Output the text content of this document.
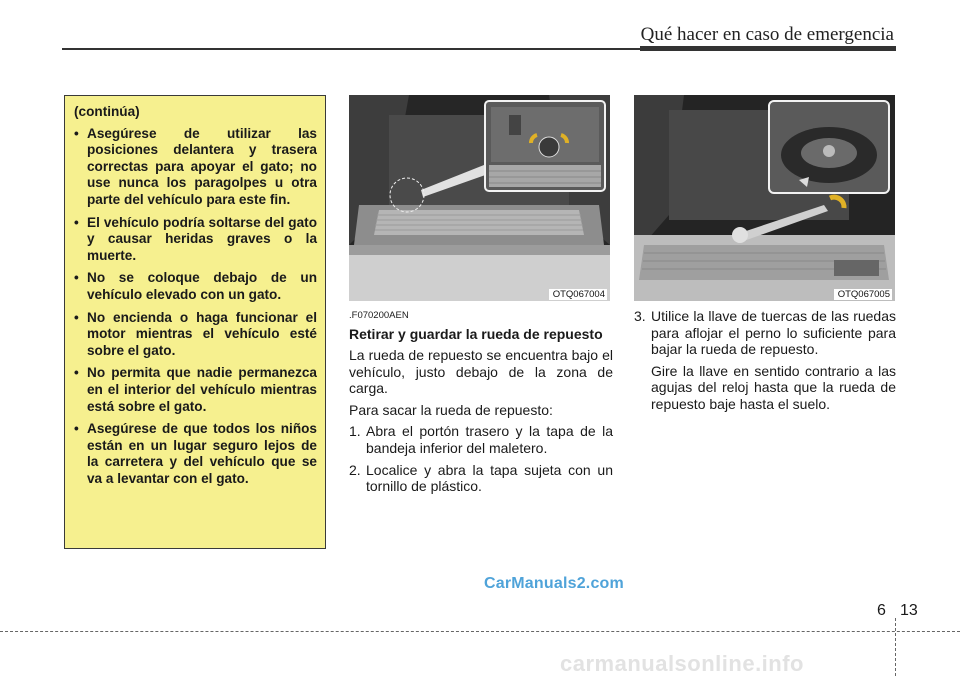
Qué hacer en caso de emergencia
(continúa)
• Asegúrese de utilizar las posiciones delantera y trasera correctas para apoyar el gato; no use nunca los paragolpes u otra parte del vehículo para este fin.
• El vehículo podría soltarse del gato y causar heridas graves o la muerte.
• No se coloque debajo de un vehículo elevado con un gato.
• No encienda o haga funcionar el motor mientras el vehículo esté sobre el gato.
• No permita que nadie permanezca en el interior del vehículo mientras está sobre el gato.
• Asegúrese de que todos los niños están en un lugar seguro lejos de la carretera y del vehículo que se va a levantar con el gato.
OTQ067004	OTQ067005
.F070200AEN
Retirar y guardar la rueda de repuesto
La rueda de repuesto se encuentra bajo el vehículo, justo debajo de la zona de carga.
Para sacar la rueda de repuesto:
1. Abra el portón trasero y la tapa de la bandeja inferior del maletero.
2. Localice y abra la tapa sujeta con un tornillo de plástico.
3. Utilice la llave de tuercas de las ruedas para aflojar el perno lo suficiente para bajar la rueda de repuesto.
Gire la llave en sentido contrario a las agujas del reloj hasta que la rueda de repuesto baje hasta el suelo.
CarManuals2.com
6 13
carmanualsonline.info
